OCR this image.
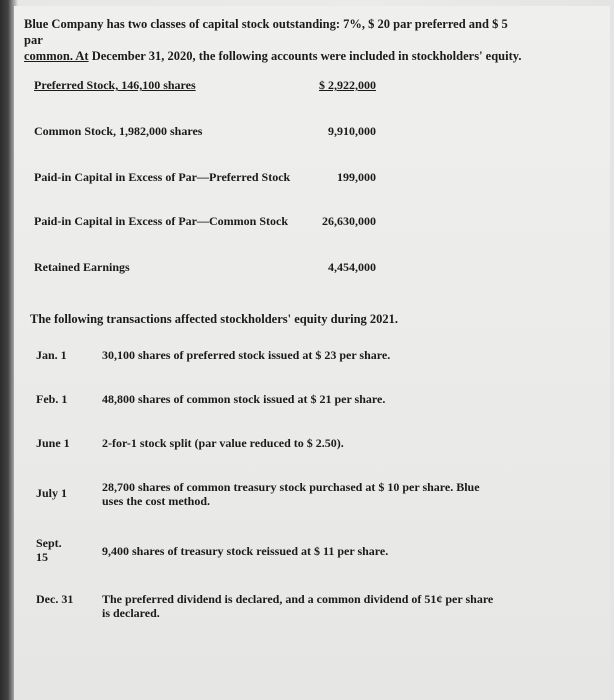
Blue Company has two classes of capital stock outstanding: 7%, $ 20 par preferred and $ 5 par
common. At December 31, 2020, the following accounts were included in stockholders' equity.
Preferred Stock, 146,100 shares	$ 2,922,000
Common Stock, 1,982,000 shares	9,910,000
Paid-in Capital in Excess of Par—Preferred Stock	199,000
Paid-in Capital in Excess of Par—Common Stock	26,630,000
Retained Earnings	4,454,000
The following transactions affected stockholders' equity during 2021.
Jan. 1	30,100 shares of preferred stock issued at $ 23 per share.
Feb. 1	48,800 shares of common stock issued at $ 21 per share.
June 1	2-for-1 stock split (par value reduced to $ 2.50).
July 1	28,700 shares of common treasury stock purchased at $ 10 per share. Blue uses the cost method.
Sept. 15	9,400 shares of treasury stock reissued at $ 11 per share.
Dec. 31 The preferred dividend is declared, and a common dividend of 51¢ per share is declared.
